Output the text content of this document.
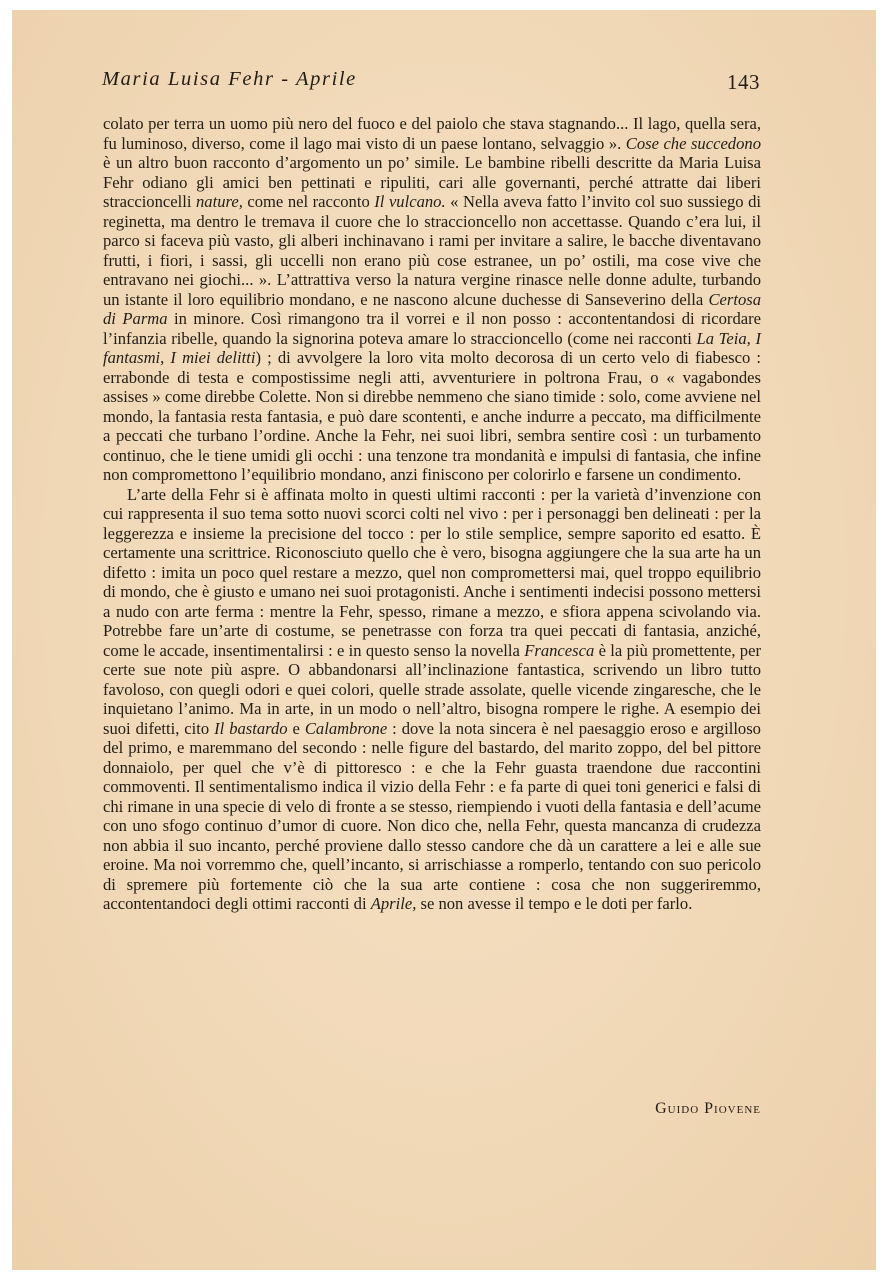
Maria Luisa Fehr - Aprile	143

colato per terra un uomo più nero del fuoco e del paiolo che stava stagnando... Il lago, quella sera, fu luminoso, diverso, come il lago mai visto di un paese lontano, selvaggio ». Cose che succedono è un altro buon racconto d’argomento un po’ simile. Le bambine ribelli descritte da Maria Luisa Fehr odiano gli amici ben pettinati e ripuliti, cari alle governanti, perché attratte dai liberi straccioncelli nature, come nel racconto Il vulcano. « Nella aveva fatto l’invito col suo sussiego di reginetta, ma dentro le tremava il cuore che lo straccioncello non accettasse. Quando c’era lui, il parco si faceva più vasto, gli alberi inchinavano i rami per invitare a salire, le bacche diventavano frutti, i fiori, i sassi, gli uccelli non erano più cose estranee, un po’ ostili, ma cose vive che entravano nei giochi... ». L’attrattiva verso la natura vergine rinasce nelle donne adulte, turbando un istante il loro equilibrio mondano, e ne nascono alcune duchesse di Sanseverino della Certosa di Parma in minore. Così rimangono tra il vorrei e il non posso : accontentandosi di ricordare l’infanzia ribelle, quando la signorina poteva amare lo straccioncello (come nei racconti La Teia, I fantasmi, I miei delitti) ; di avvolgere la loro vita molto decorosa di un certo velo di fiabesco : errabonde di testa e compostissime negli atti, avventuriere in poltrona Frau, o « vagabondes assises » come direbbe Colette. Non si direbbe nemmeno che siano timide : solo, come avviene nel mondo, la fantasia resta fantasia, e può dare scontenti, e anche indurre a peccato, ma difficilmente a peccati che turbano l’ordine. Anche la Fehr, nei suoi libri, sembra sentire così : un turbamento continuo, che le tiene umidi gli occhi : una tenzone tra mondanità e impulsi di fantasia, che infine non compromettono l’equilibrio mondano, anzi finiscono per colorirlo e farsene un condimento.

L’arte della Fehr si è affinata molto in questi ultimi racconti : per la varietà d’invenzione con cui rappresenta il suo tema sotto nuovi scorci colti nel vivo : per i personaggi ben delineati : per la leggerezza e insieme la precisione del tocco : per lo stile semplice, sempre saporito ed esatto. È certamente una scrittrice. Riconosciuto quello che è vero, bisogna aggiungere che la sua arte ha un difetto : imita un poco quel restare a mezzo, quel non compromettersi mai, quel troppo equilibrio di mondo, che è giusto e umano nei suoi protagonisti. Anche i sentimenti indecisi possono mettersi a nudo con arte ferma : mentre la Fehr, spesso, rimane a mezzo, e sfiora appena scivolando via. Potrebbe fare un’arte di costume, se penetrasse con forza tra quei peccati di fantasia, anziché, come le accade, insentimentalirsi : e in questo senso la novella Francesca è la più promettente, per certe sue note più aspre. O abbandonarsi all’inclinazione fantastica, scrivendo un libro tutto favoloso, con quegli odori e quei colori, quelle strade assolate, quelle vicende zingaresche, che le inquietano l’animo. Ma in arte, in un modo o nell’altro, bisogna rompere le righe. A esempio dei suoi difetti, cito Il bastardo e Calambrone : dove la nota sincera è nel paesaggio eroso e argilloso del primo, e maremmano del secondo : nelle figure del bastardo, del marito zoppo, del bel pittore donnaiolo, per quel che v’è di pittoresco : e che la Fehr guasta traendone due raccontini commoventi. Il sentimentalismo indica il vizio della Fehr : e fa parte di quei toni generici e falsi di chi rimane in una specie di velo di fronte a se stesso, riempiendo i vuoti della fantasia e dell’acume con uno sfogo continuo d’umor di cuore. Non dico che, nella Fehr, questa mancanza di crudezza non abbia il suo incanto, perché proviene dallo stesso candore che dà un carattere a lei e alle sue eroine. Ma noi vorremmo che, quell’incanto, si arrischiasse a romperlo, tentando con suo pericolo di spremere più fortemente ciò che la sua arte contiene : cosa che non suggeriremmo, accontentandoci degli ottimi racconti di Aprile, se non avesse il tempo e le doti per farlo.

Guido Piovene
